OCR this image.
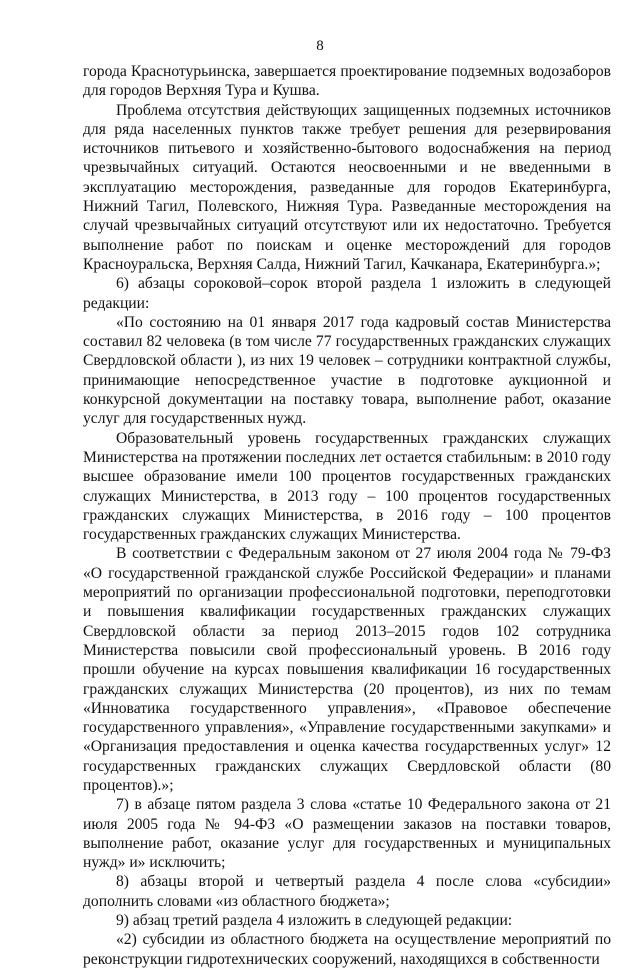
8

города Краснотурьинска, завершается проектирование подземных водозаборов для городов Верхняя Тура и Кушва.

Проблема отсутствия действующих защищенных подземных источников для ряда населенных пунктов также требует решения для резервирования источников питьевого и хозяйственно-бытового водоснабжения на период чрезвычайных ситуаций. Остаются неосвоенными и не введенными в эксплуатацию месторождения, разведанные для городов Екатеринбурга, Нижний Тагил, Полевского, Нижняя Тура. Разведанные месторождения на случай чрезвычайных ситуаций отсутствуют или их недостаточно. Требуется выполнение работ по поискам и оценке месторождений для городов Красноуральска, Верхняя Салда, Нижний Тагил, Качканара, Екатеринбурга.»;

6) абзацы сороковой–сорок второй раздела 1 изложить в следующей редакции:

«По состоянию на 01 января 2017 года кадровый состав Министерства составил 82 человека (в том числе 77 государственных гражданских служащих Свердловской области ), из них 19 человек – сотрудники контрактной службы, принимающие непосредственное участие в подготовке аукционной и конкурсной документации на поставку товара, выполнение работ, оказание услуг для государственных нужд.

Образовательный уровень государственных гражданских служащих Министерства на протяжении последних лет остается стабильным: в 2010 году высшее образование имели 100 процентов государственных гражданских служащих Министерства, в 2013 году – 100 процентов государственных гражданских служащих Министерства, в 2016 году – 100 процентов государственных гражданских служащих Министерства.

В соответствии с Федеральным законом от 27 июля 2004 года № 79-ФЗ «О государственной гражданской службе Российской Федерации» и планами мероприятий по организации профессиональной подготовки, переподготовки и повышения квалификации государственных гражданских служащих Свердловской области за период 2013–2015 годов 102 сотрудника Министерства повысили свой профессиональный уровень. В 2016 году прошли обучение на курсах повышения квалификации 16 государственных гражданских служащих Министерства (20 процентов), из них по темам «Инноватика государственного управления», «Правовое обеспечение государственного управления», «Управление государственными закупками» и «Организация предоставления и оценка качества государственных услуг» 12 государственных гражданских служащих Свердловской области (80 процентов).»;

7) в абзаце пятом раздела 3 слова «статье 10 Федерального закона от 21 июля 2005 года № 94-ФЗ «О размещении заказов на поставки товаров, выполнение работ, оказание услуг для государственных и муниципальных нужд» и» исключить;

8) абзацы второй и четвертый раздела 4 после слова «субсидии» дополнить словами «из областного бюджета»;

9) абзац третий раздела 4 изложить в следующей редакции:

«2) субсидии из областного бюджета на осуществление мероприятий по реконструкции гидротехнических сооружений, находящихся в собственности
